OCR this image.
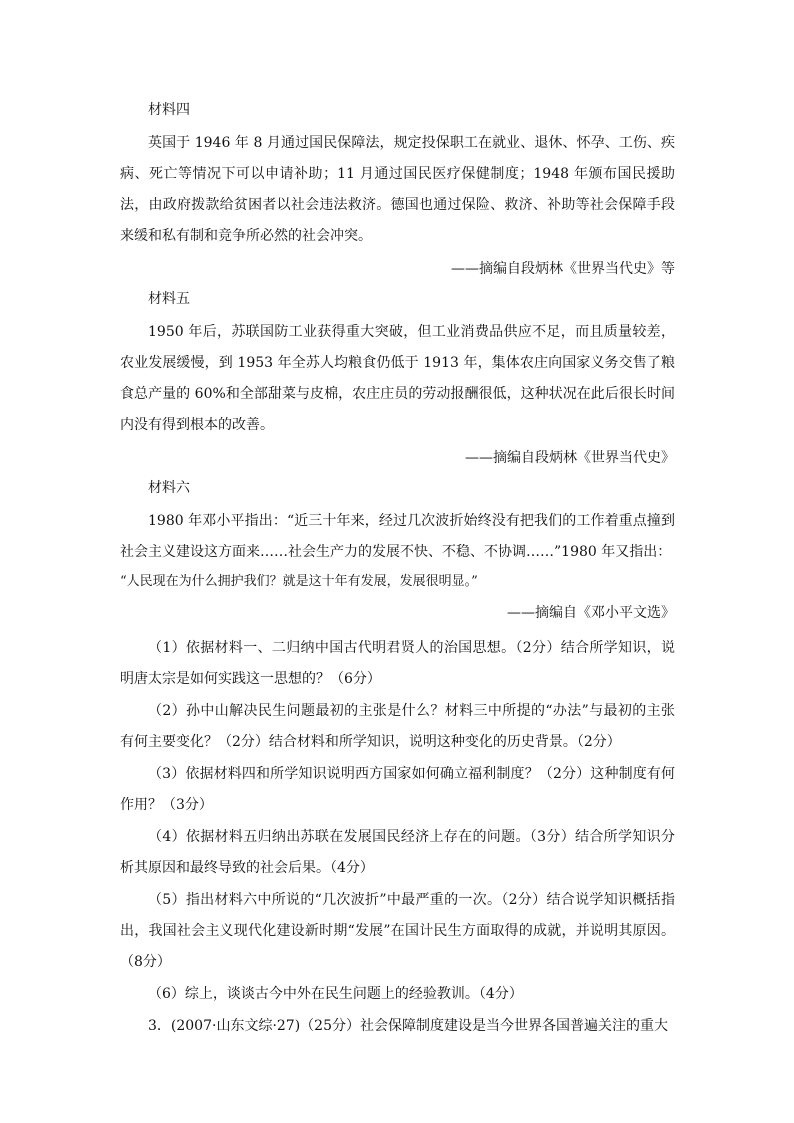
材料四

英国于 1946 年 8 月通过国民保障法，规定投保职工在就业、退休、怀孕、工伤、疾病、死亡等情况下可以申请补助；11 月通过国民医疗保健制度；1948 年颁布国民援助法，由政府拨款给贫困者以社会违法救济。德国也通过保险、救济、补助等社会保障手段来缓和私有制和竞争所必然的社会冲突。

——摘编自段炳林《世界当代史》等
材料五

1950 年后，苏联国防工业获得重大突破，但工业消费品供应不足，而且质量较差，农业发展缓慢，到 1953 年全苏人均粮食仍低于 1913 年，集体农庄向国家义务交售了粮食总产量的 60%和全部甜菜与皮棉，农庄庄员的劳动报酬很低，这种状况在此后很长时间内没有得到根本的改善。

——摘编自段炳林《世界当代史》
材料六

1980 年邓小平指出：“近三十年来，经过几次波折始终没有把我们的工作着重点撞到社会主义建设这方面来……社会生产力的发展不快、不稳、不协调……”1980 年又指出：

“人民现在为什么拥护我们？就是这十年有发展，发展很明显。”

——摘编自《邓小平文选》

（1）依据材料一、二归纳中国古代明君贤人的治国思想。（2分）结合所学知识，说明唐太宗是如何实践这一思想的？（6分）

（2）孙中山解决民生问题最初的主张是什么？材料三中所提的“办法”与最初的主张有何主要变化？（2分）结合材料和所学知识，说明这种变化的历史背景。（2分）

（3）依据材料四和所学知识说明西方国家如何确立福利制度？（2分）这种制度有何作用？（3分）

（4）依据材料五归纳出苏联在发展国民经济上存在的问题。（3分）结合所学知识分析其原因和最终导致的社会后果。（4分）

（5）指出材料六中所说的“几次波折”中最严重的一次。（2分）结合说学知识概括指出，我国社会主义现代化建设新时期“发展”在国计民生方面取得的成就，并说明其原因。（8分）

（6）综上，谈谈古今中外在民生问题上的经验教训。（4分）

3．(2007·山东文综·27)（25分）社会保障制度建设是当今世界各国普遍关注的重大
